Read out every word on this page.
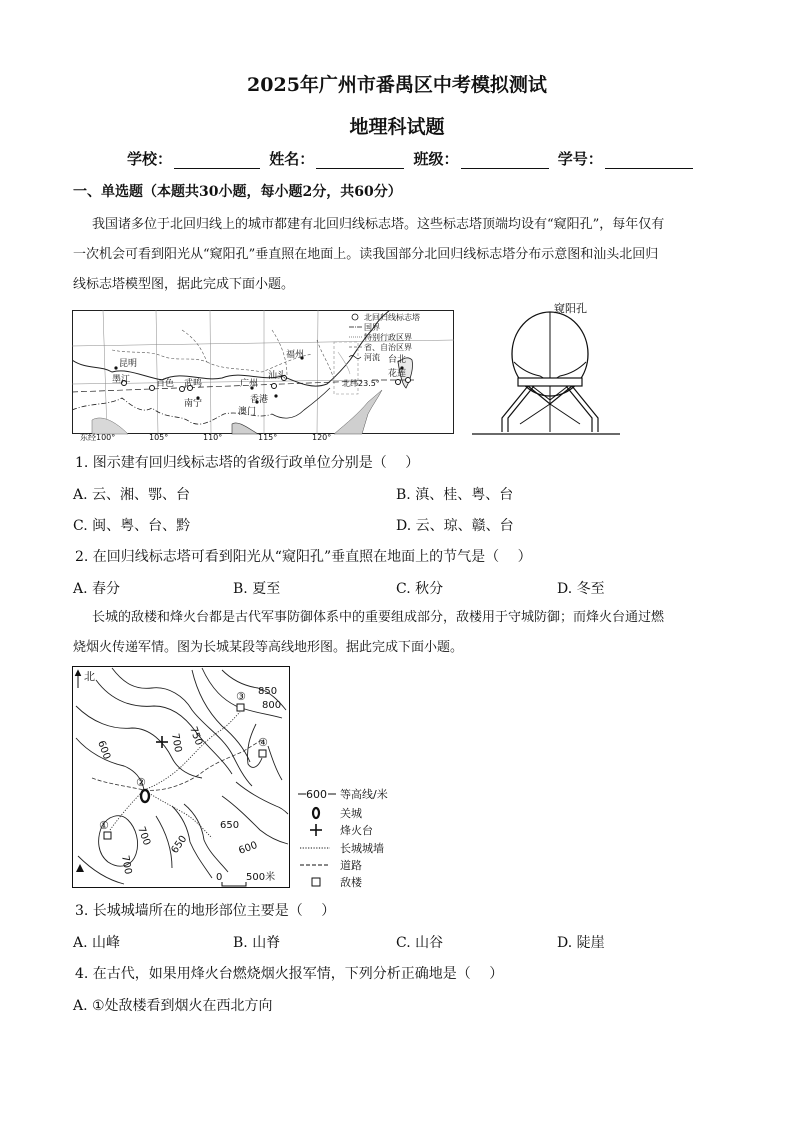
2025年广州市番禺区中考模拟测试
地理科试题
学校：	姓名：	班级：	学号：
一、单选题（本题共30小题，每小题2分，共60分）
我国诸多位于北回归线上的城市都建有北回归线标志塔。这些标志塔顶端均设有“窥阳孔”，每年仅有
一次机会可看到阳光从“窥阳孔”垂直照在地面上。读我国部分北回归线标志塔分布示意图和汕头北回归
线标志塔模型图，据此完成下面小题。
昆明
墨江	百色 武鸣
南宁
广州
汕头
福州
香港
澳门
台北
花莲
北纬23.5°
北回归线标志塔
国界
特别行政区界
省、自治区界
河流
东经100°	105°	110°	115°	120°
窥阳孔
1. 图示建有回归线标志塔的省级行政单位分别是（　 ）
A. 云、湘、鄂、台	B. 滇、桂、粤、台
C. 闽、粤、台、黔	D. 云、琼、赣、台
2. 在回归线标志塔可看到阳光从“窥阳孔”垂直照在地面上的节气是（　 ）
A. 春分	B. 夏至	C. 秋分	D. 冬至
长城的敌楼和烽火台都是古代军事防御体系中的重要组成部分，敌楼用于守城防御；而烽火台通过燃
烧烟火传递军情。图为长城某段等高线地形图。据此完成下面小题。
北
①
②
③
④
850
800
750
700
600
650
700 650	600
700
0 500米
600 等高线/米
关城
烽火台
长城城墙
道路
敌楼
3. 长城城墙所在的地形部位主要是（　 ）
A. 山峰	B. 山脊	C. 山谷	D. 陡崖
4. 在古代，如果用烽火台燃烧烟火报军情，下列分析正确地是（　 ）
A. ①处敌楼看到烟火在西北方向
